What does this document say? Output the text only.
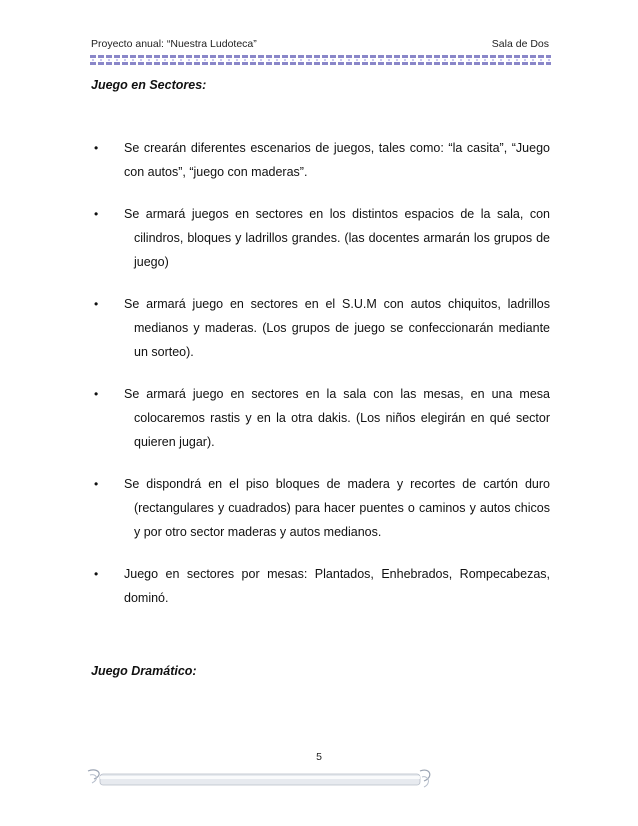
Proyecto anual: “Nuestra Ludoteca”	Sala de Dos
Juego en Sectores:
• Se crearán diferentes escenarios de juegos, tales como: “la casita”, “Juego con autos”, “juego con maderas”.
• Se armará juegos en sectores en los distintos espacios de la sala, con cilindros, bloques y ladrillos grandes. (las docentes armarán los grupos de juego)
• Se armará juego en sectores en el S.U.M con autos chiquitos, ladrillos medianos y maderas. (Los grupos de juego se confeccionarán mediante un sorteo).
• Se armará juego en sectores en la sala con las mesas, en una mesa colocaremos rastis y en la otra dakis. (Los niños elegirán en qué sector quieren jugar).
• Se dispondrá en el piso bloques de madera y recortes de cartón duro (rectangulares y cuadrados) para hacer puentes o caminos y autos chicos y por otro sector maderas y autos medianos.
• Juego en sectores por mesas: Plantados, Enhebrados, Rompecabezas, dominó.
Juego Dramático:
5
